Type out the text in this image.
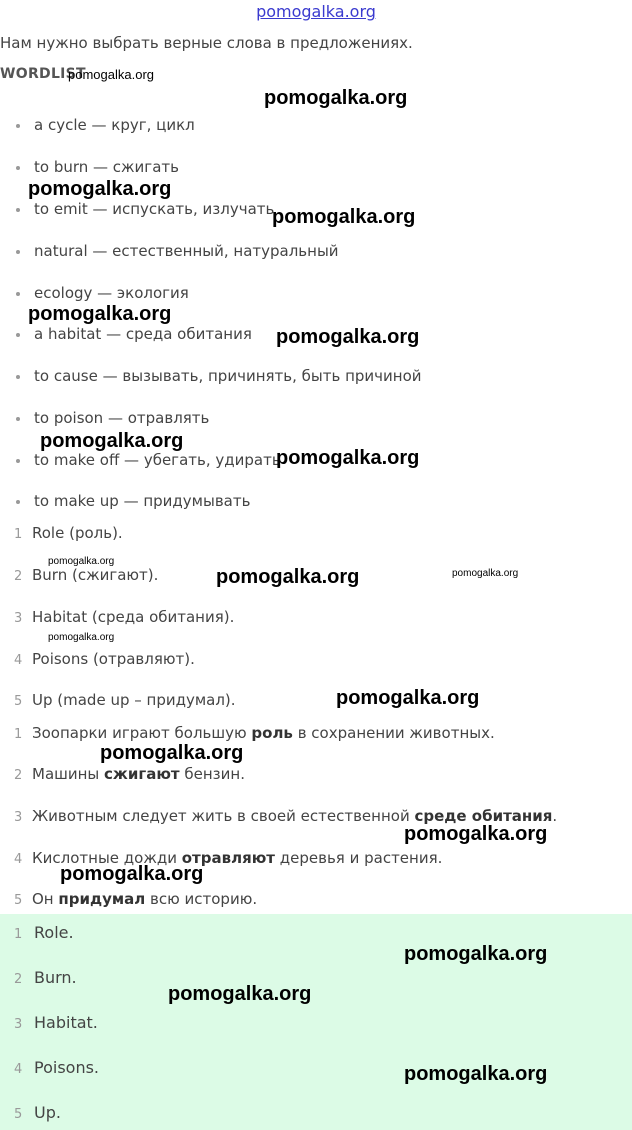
pomogalka.org
Нам нужно выбрать верные слова в предложениях.
WORDLIST
pomogalka.org
a cycle — круг, цикл
to burn — сжигать
to emit — испускать, излучать
natural — естественный, натуральный
ecology — экология
a habitat — среда обитания
to cause — вызывать, причинять, быть причиной
to poison — отравлять
to make off — убегать, удирать
to make up — придумывать
1 Role (роль).
2 Burn (сжигают).
3 Habitat (среда обитания).
4 Poisons (отравляют).
5 Up (made up – придумал).
1 Зоопарки играют большую роль в сохранении животных.
2 Машины сжигают бензин.
3 Животным следует жить в своей естественной среде обитания.
4 Кислотные дожди отравляют деревья и растения.
5 Он придумал всю историю.
1 Role.
2 Burn.
3 Habitat.
4 Poisons.
5 Up.
pomogalka.org
pomogalka.org
pomogalka.org
pomogalka.org
pomogalka.org
pomogalka.org
pomogalka.org
pomogalka.org
pomogalka.org	pomogalka.org
pomogalka.org
pomogalka.org
pomogalka.org
pomogalka.org
pomogalka.org
pomogalka.org
pomogalka.org
pomogalka.org
